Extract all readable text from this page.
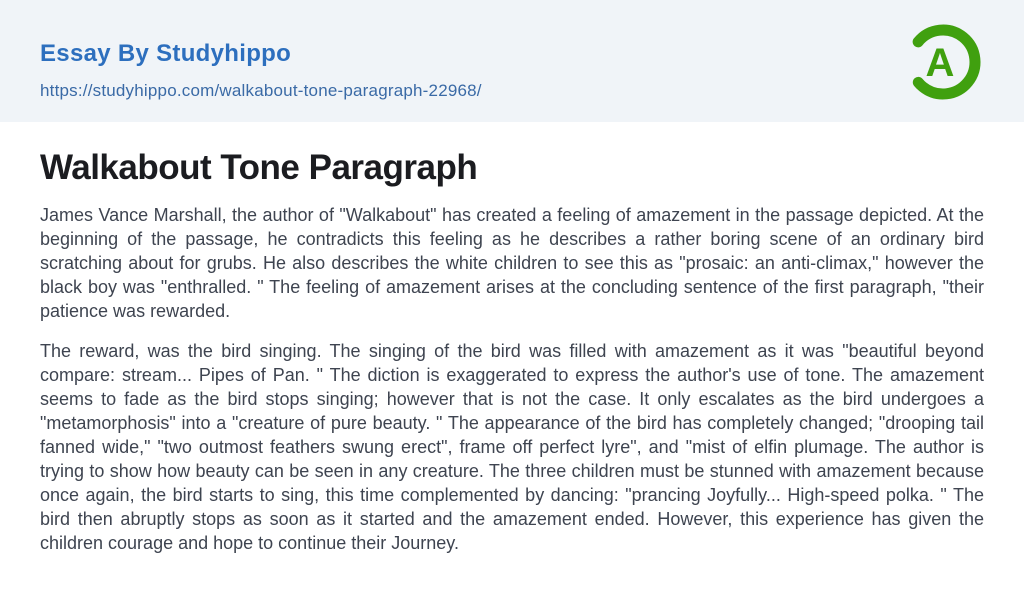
Essay By Studyhippo
https://studyhippo.com/walkabout-tone-paragraph-22968/
A
Walkabout Tone Paragraph

James Vance Marshall, the author of "Walkabout" has created a feeling of amazement in the passage depicted. At the beginning of the passage, he contradicts this feeling as he describes a rather boring scene of an ordinary bird scratching about for grubs. He also describes the white children to see this as "prosaic: an anti-climax," however the black boy was "enthralled. " The feeling of amazement arises at the concluding sentence of the first paragraph, "their patience was rewarded.

The reward, was the bird singing. The singing of the bird was filled with amazement as it was "beautiful beyond compare: stream... Pipes of Pan. " The diction is exaggerated to express the author's use of tone. The amazement seems to fade as the bird stops singing; however that is not the case. It only escalates as the bird undergoes a "metamorphosis" into a "creature of pure beauty. " The appearance of the bird has completely changed; "drooping tail fanned wide," "two outmost feathers swung erect", frame off perfect lyre", and "mist of elfin plumage. The author is trying to show how beauty can be seen in any creature. The three children must be stunned with amazement because once again, the bird starts to sing, this time complemented by dancing: "prancing Joyfully... High-speed polka. " The bird then abruptly stops as soon as it started and the amazement ended. However, this experience has given the children courage and hope to continue their Journey.
